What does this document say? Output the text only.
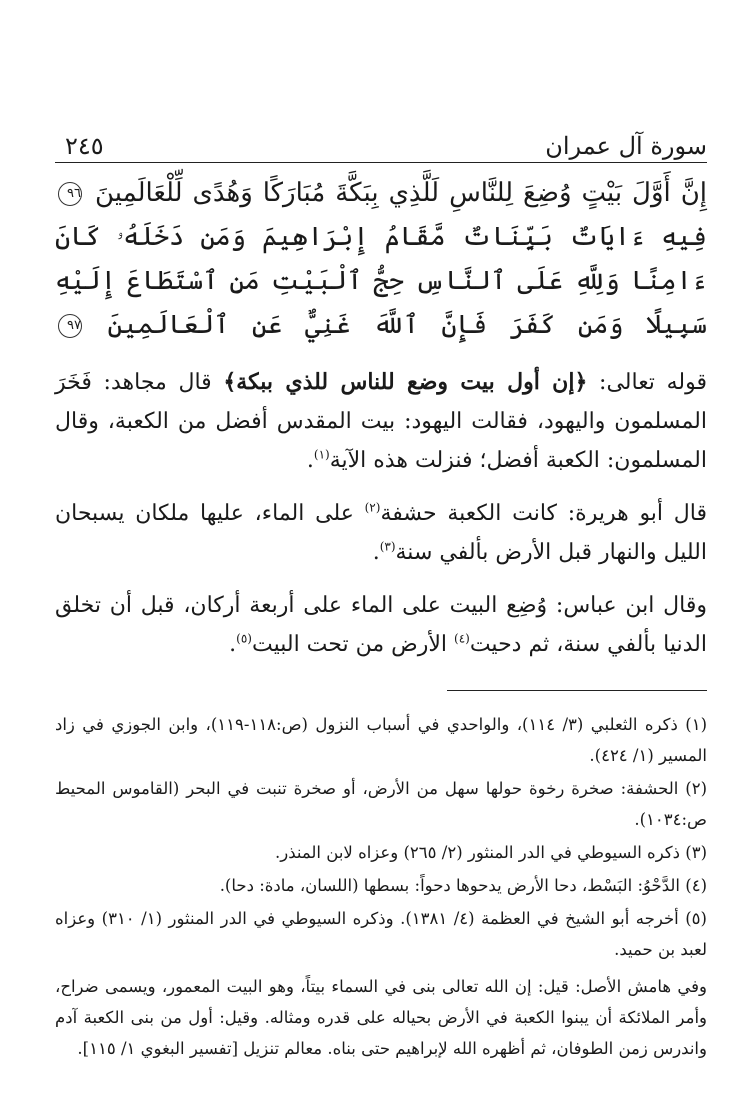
سورة آل عمران
٢٤٥
إِنَّ أَوَّلَ بَيْتٍ وُضِعَ لِلنَّاسِ لَلَّذِي بِبَكَّةَ مُبَارَكًا وَهُدًى لِّلْعَالَمِينَ ٩٦ فِيهِ ءَايَاتٌ بَيِّنَاتٌ مَّقَامُ إِبْرَاهِيمَ وَمَن دَخَلَهُۥ كَانَ ءَامِنًا وَلِلَّهِ عَلَى ٱلنَّاسِ حِجُّ ٱلْبَيْتِ مَنِ ٱسْتَطَاعَ إِلَيْهِ سَبِيلًا وَمَن كَفَرَ فَإِنَّ ٱللَّهَ غَنِيٌّ عَنِ ٱلْعَالَمِينَ ٩٧

قوله تعالى: ﴿إن أول بيت وضع للناس للذي ببكة﴾ قال مجاهد: فَخَرَ المسلمون واليهود، فقالت اليهود: بيت المقدس أفضل من الكعبة، وقال المسلمون: الكعبة أفضل؛ فنزلت هذه الآية$^{(١)}$.

قال أبو هريرة: كانت الكعبة حشفة$^{(٢)}$ على الماء، عليها ملكان يسبحان الليل والنهار قبل الأرض بألفي سنة$^{(٣)}$.

وقال ابن عباس: وُضِع البيت على الماء على أربعة أركان، قبل أن تخلق الدنيا بألفي سنة، ثم دحيت$^{(٤)}$ الأرض من تحت البيت$^{(٥)}$.

(١) ذكره الثعلبي (٣/ ١١٤)، والواحدي في أسباب النزول (ص:١١٨-١١٩)، وابن الجوزي في زاد المسير (١/ ٤٢٤).
(٢) الحشفة: صخرة رخوة حولها سهل من الأرض، أو صخرة تنبت في البحر (القاموس المحيط ص:١٠٣٤).
(٣) ذكره السيوطي في الدر المنثور (٢/ ٢٦٥) وعزاه لابن المنذر.
(٤) الدَّحْوُ: البَسْط، دحا الأرض يدحوها دحواً: بسطها (اللسان، مادة: دحا).
(٥) أخرجه أبو الشيخ في العظمة (٤/ ١٣٨١). وذكره السيوطي في الدر المنثور (١/ ٣١٠) وعزاه لعبد بن حميد.
وفي هامش الأصل: قيل: إن الله تعالى بنى في السماء بيتاً، وهو البيت المعمور، ويسمى ضراح، وأمر الملائكة أن يبنوا الكعبة في الأرض بحياله على قدره ومثاله. وقيل: أول من بنى الكعبة آدم واندرس زمن الطوفان، ثم أظهره الله لإبراهيم حتى بناه. معالم تنزيل [تفسير البغوي ١/ ١١٥].
